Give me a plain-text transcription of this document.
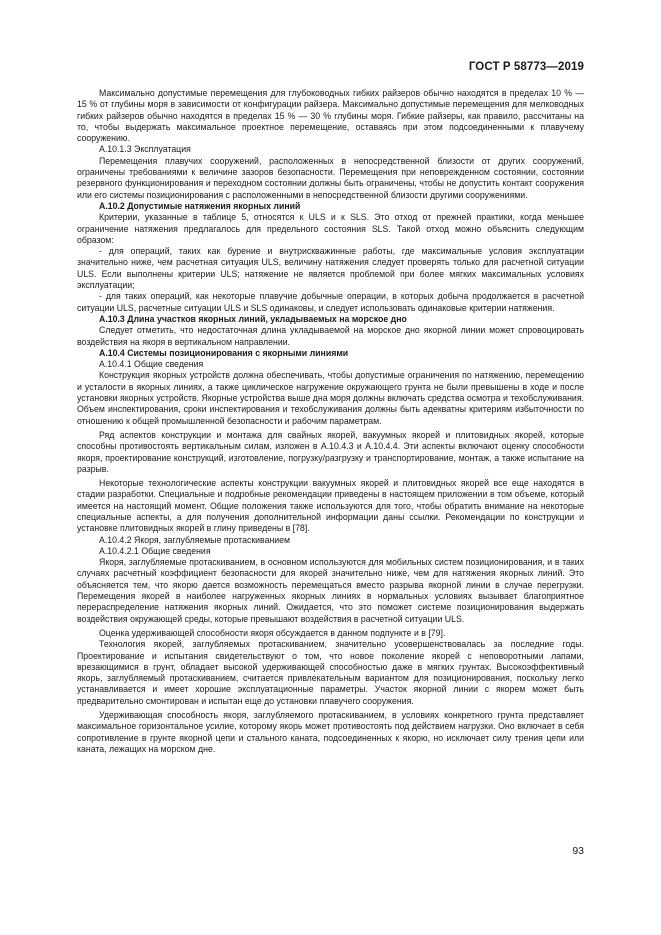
ГОСТ Р 58773—2019

Максимально допустимые перемещения для глубоководных гибких райзеров обычно находятся в пределах 10 % — 15 % от глубины моря в зависимости от конфигурации райзера. Максимально допустимые перемещения для мелководных гибких райзеров обычно находятся в пределах 15 % — 30 % глубины моря. Гибкие райзеры, как правило, рассчитаны на то, чтобы выдержать максимальное проектное перемещение, оставаясь при этом подсоединенными к плавучему сооружению.

А.10.1.3 Эксплуатация

Перемещения плавучих сооружений, расположенных в непосредственной близости от других сооружений, ограничены требованиями к величине зазоров безопасности. Перемещения при неповрежденном состоянии, состоянии резервного функционирования и переходном состоянии должны быть ограничены, чтобы не допустить контакт сооружения или его системы позиционирования с расположенными в непосредственной близости другими сооружениями.

А.10.2 Допустимые натяжения якорных линий

Критерии, указанные в таблице 5, относятся к ULS и к SLS. Это отход от прежней практики, когда меньшее ограничение натяжения предлагалось для предельного состояния SLS. Такой отход можно объяснить следующим образом:

- для операций, таких как бурение и внутрискважинные работы, где максимальные условия эксплуатации значительно ниже, чем расчетная ситуация ULS, величину натяжения следует проверять только для расчетной ситуации ULS. Если выполнены критерии ULS; натяжение не является проблемой при более мягких максимальных условиях эксплуатации;

- для таких операций, как некоторые плавучие добычные операции, в которых добыча продолжается в расчетной ситуации ULS, расчетные ситуации ULS и SLS одинаковы, и следует использовать одинаковые критерии натяжения.

А.10.3 Длина участков якорных линий, укладываемых на морское дно

Следует отметить, что недостаточная длина укладываемой на морское дно якорной линии может спровоцировать воздействия на якоря в вертикальном направлении.

А.10.4 Системы позиционирования с якорными линиями

А.10.4.1 Общие сведения

Конструкция якорных устройств должна обеспечивать, чтобы допустимые ограничения по натяжению, перемещению и усталости в якорных линиях, а также циклическое нагружение окружающего грунта не были превышены в ходе и после установки якорных устройств. Якорные устройства выше дна моря должны включать средства осмотра и техобслуживания. Объем инспектирования, сроки инспектирования и техобслуживания должны быть адекватны критериям избыточности по отношению к общей промышленной безопасности и рабочим параметрам.

Ряд аспектов конструкции и монтажа для свайных якорей, вакуумных якорей и плитовидных якорей, которые способны противостоять вертикальным силам, изложен в А.10.4.3 и А.10.4.4. Эти аспекты включают оценку способности якоря, проектирование конструкций, изготовление, погрузку/разгрузку и транспортирование, монтаж, а также испытание на разрыв.

Некоторые технологические аспекты конструкции вакуумных якорей и плитовидных якорей все еще находятся в стадии разработки. Специальные и подробные рекомендации приведены в настоящем приложении в том объеме, который имеется на настоящий момент. Общие положения также используются для того, чтобы обратить внимание на некоторые специальные аспекты, а для получения дополнительной информации даны ссылки. Рекомендации по конструкции и установке плитовидных якорей в глину приведены в [78].

А.10.4.2 Якоря, заглубляемые протаскиванием

А.10.4.2.1 Общие сведения

Якоря, заглубляемые протаскиванием, в основном используются для мобильных систем позиционирования, и в таких случаях расчетный коэффициент безопасности для якорей значительно ниже, чем для натяжения якорных линий. Это объясняется тем, что якорю дается возможность перемещаться вместо разрыва якорной линии в случае перегрузки. Перемещения якорей в наиболее нагруженных якорных линиях в нормальных условиях вызывает благоприятное перераспределение натяжения якорных линий. Ожидается, что это поможет системе позиционирования выдержать воздействия окружающей среды, которые превышают воздействия в расчетной ситуации ULS.

Оценка удерживающей способности якоря обсуждается в данном подпункте и в [79].

Технология якорей, заглубляемых протаскиванием, значительно усовершенствовалась за последние годы. Проектирование и испытания свидетельствуют о том, что новое поколение якорей с неповоротными лапами, врезающимися в грунт, обладает высокой удерживающей способностью даже в мягких грунтах. Высокоэффективный якорь, заглубляемый протаскиванием, считается привлекательным вариантом для позиционирования, поскольку легко устанавливается и имеет хорошие эксплуатационные параметры. Участок якорной линии с якорем может быть предварительно смонтирован и испытан еще до установки плавучего сооружения.

Удерживающая способность якоря, заглубляемого протаскиванием, в условиях конкретного грунта представляет максимальное горизонтальное усилие, которому якорь может противостоять под действием нагрузки. Оно включает в себя сопротивление в грунте якорной цепи и стального каната, подсоединенных к якорю, но исключает силу трения цепи или каната, лежащих на морском дне.

93
